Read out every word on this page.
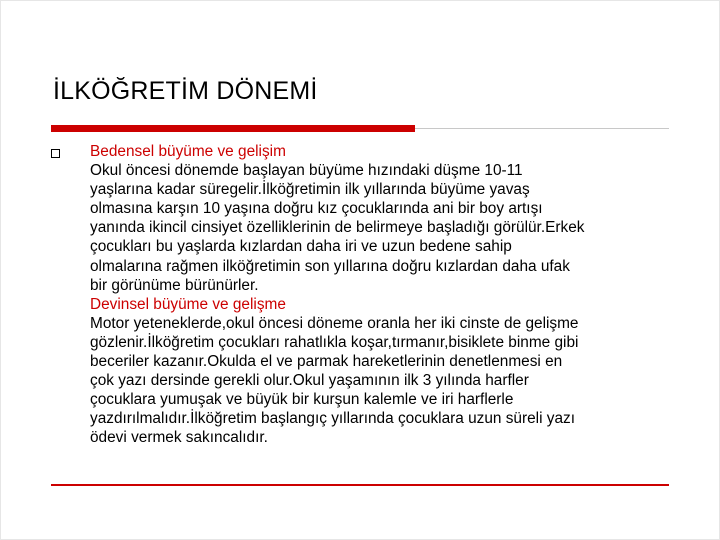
İLKÖĞRETİM DÖNEMİ
Bedensel büyüme ve gelişim
Okul öncesi dönemde başlayan büyüme hızındaki düşme 10-11
yaşlarına kadar süregelir.İlköğretimin ilk yıllarında büyüme yavaş
olmasına karşın 10 yaşına doğru kız çocuklarında ani bir boy artışı
yanında ikincil cinsiyet özelliklerinin de belirmeye başladığı görülür.Erkek
çocukları bu yaşlarda kızlardan daha iri ve uzun bedene sahip
olmalarına rağmen ilköğretimin son yıllarına doğru kızlardan daha ufak
bir görünüme bürünürler.
Devinsel büyüme ve gelişme
Motor yeteneklerde,okul öncesi döneme oranla her iki cinste de gelişme
gözlenir.İlköğretim çocukları rahatlıkla koşar,tırmanır,bisiklete binme gibi
beceriler kazanır.Okulda el ve parmak hareketlerinin denetlenmesi en
çok yazı dersinde gerekli olur.Okul yaşamının ilk 3 yılında harfler
çocuklara yumuşak ve büyük bir kurşun kalemle ve iri harflerle
yazdırılmalıdır.İlköğretim başlangıç yıllarında çocuklara uzun süreli yazı
ödevi vermek sakıncalıdır.
